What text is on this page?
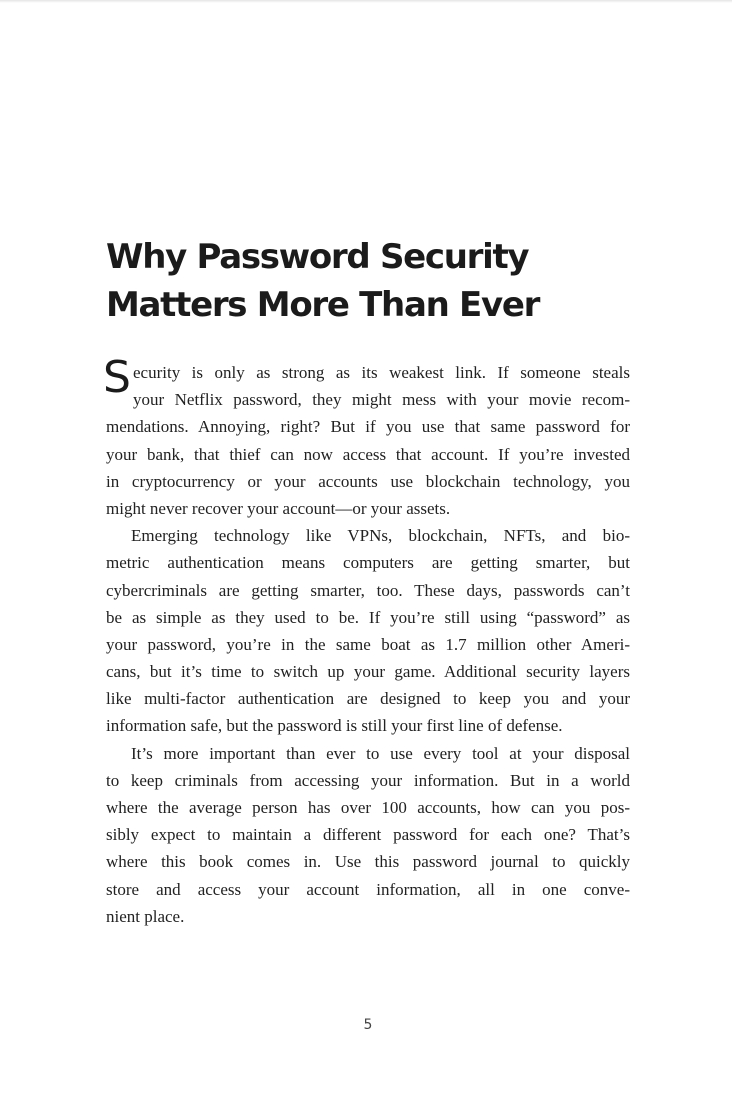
Why Password Security
Matters More Than Ever
S ecurity is only as strong as its weakest link. If someone steals
your Netflix password, they might mess with your movie recom-
mendations. Annoying, right? But if you use that same password for
your bank, that thief can now access that account. If you’re invested
in cryptocurrency or your accounts use blockchain technology, you
might never recover your account—or your assets.
Emerging technology like VPNs, blockchain, NFTs, and bio-
metric authentication means computers are getting smarter, but
cybercriminals are getting smarter, too. These days, passwords can’t
be as simple as they used to be. If you’re still using “password” as
your password, you’re in the same boat as 1.7 million other Ameri-
cans, but it’s time to switch up your game. Additional security layers
like multi-factor authentication are designed to keep you and your
information safe, but the password is still your first line of defense.
It’s more important than ever to use every tool at your disposal
to keep criminals from accessing your information. But in a world
where the average person has over 100 accounts, how can you pos-
sibly expect to maintain a different password for each one? That’s
where this book comes in. Use this password journal to quickly
store and access your account information, all in one conve-
nient place.
5
